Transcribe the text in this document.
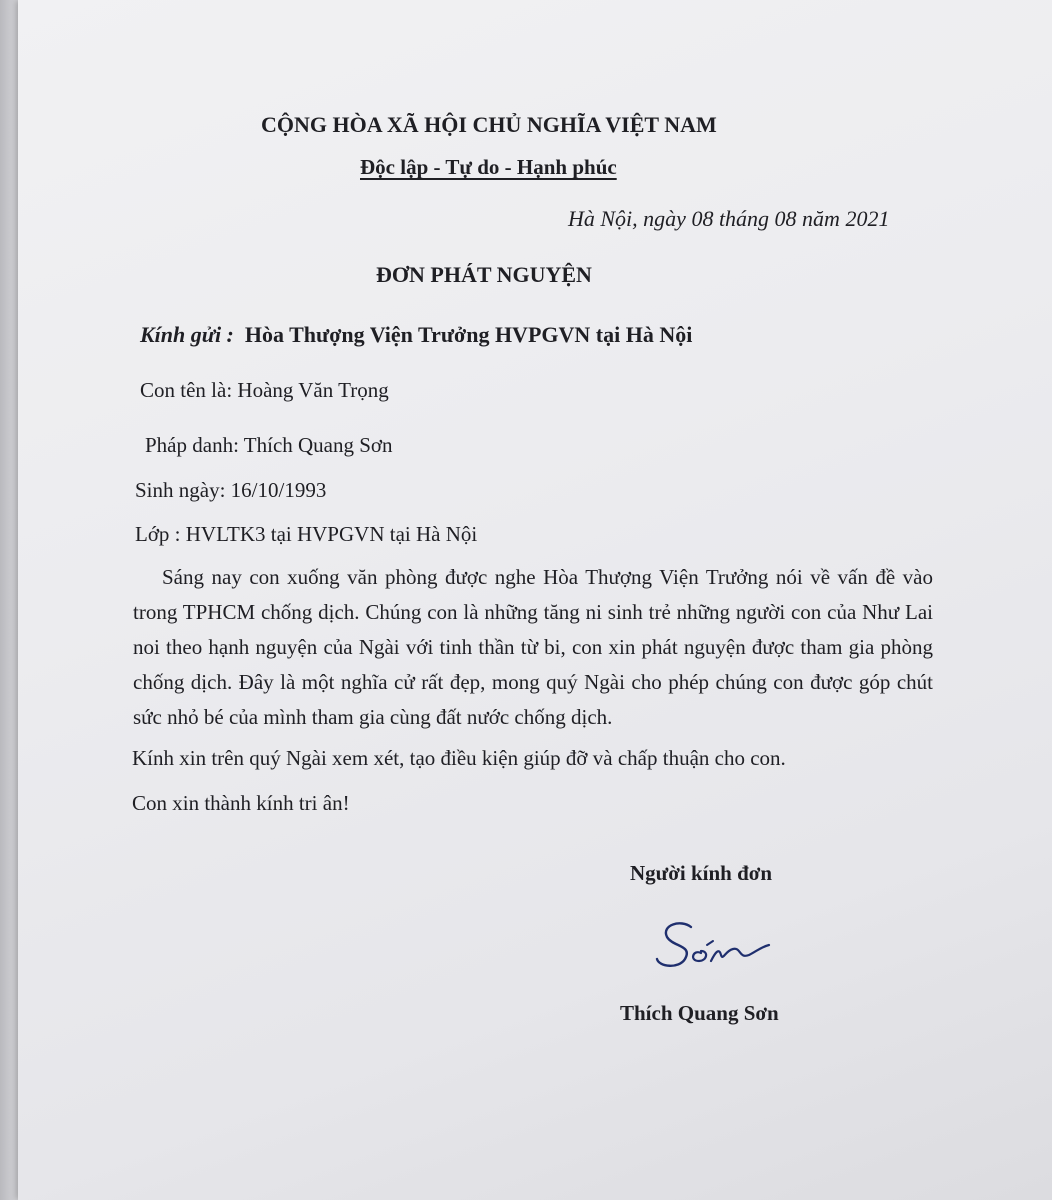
CỘNG HÒA XÃ HỘI CHỦ NGHĨA VIỆT NAM
Độc lập - Tự do - Hạnh phúc
Hà Nội, ngày 08 tháng 08 năm 2021
ĐƠN PHÁT NGUYỆN
Kính gửi : Hòa Thượng Viện Trưởng HVPGVN tại Hà Nội
Con tên là: Hoàng Văn Trọng
Pháp danh: Thích Quang Sơn
Sinh ngày: 16/10/1993
Lớp : HVLTK3 tại HVPGVN tại Hà Nội
Sáng nay con xuống văn phòng được nghe Hòa Thượng Viện Trưởng nói về vấn đề vào trong TPHCM chống dịch. Chúng con là những tăng ni sinh trẻ những người con của Như Lai noi theo hạnh nguyện của Ngài với tinh thần từ bi, con xin phát nguyện được tham gia phòng chống dịch. Đây là một nghĩa cử rất đẹp, mong quý Ngài cho phép chúng con được góp chút sức nhỏ bé của mình tham gia cùng đất nước chống dịch.
Kính xin trên quý Ngài xem xét, tạo điều kiện giúp đỡ và chấp thuận cho con.
Con xin thành kính tri ân!
Người kính đơn
Thích Quang Sơn
